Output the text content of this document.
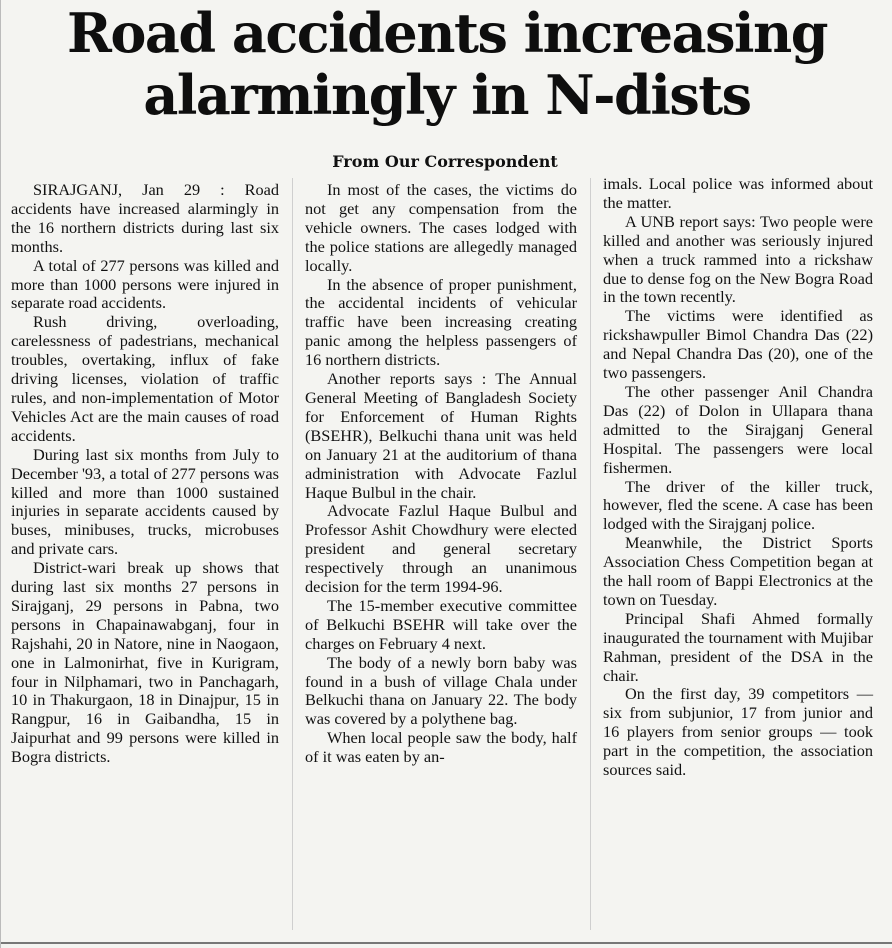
Road accidents increasing
alarmingly in N-dists
From Our Correspondent

SIRAJGANJ, Jan 29 : Road accidents have increased alarmingly in the 16 northern districts during last six months.

A total of 277 persons was killed and more than 1000 persons were injured in separate road accidents.

Rush driving, overloading, carelessness of padestrians, mechanical troubles, overtaking, influx of fake driving licenses, violation of traffic rules, and non-implementation of Motor Vehicles Act are the main causes of road accidents.

During last six months from July to December '93, a total of 277 persons was killed and more than 1000 sustained injuries in separate accidents caused by buses, minibuses, trucks, microbuses and private cars.

District-wari break up shows that during last six months 27 persons in Sirajganj, 29 persons in Pabna, two persons in Chapainawabganj, four in Rajshahi, 20 in Natore, nine in Naogaon, one in Lalmonirhat, five in Kurigram, four in Nilphamari, two in Panchagarh, 10 in Thakurgaon, 18 in Dinajpur, 15 in Rangpur, 16 in Gaibandha, 15 in Jaipurhat and 99 persons were killed in Bogra districts.

In most of the cases, the victims do not get any compensation from the vehicle owners. The cases lodged with the police stations are allegedly managed locally.

In the absence of proper punishment, the accidental incidents of vehicular traffic have been increasing creating panic among the helpless passengers of 16 northern districts.

Another reports says : The Annual General Meeting of Bangladesh Society for Enforcement of Human Rights (BSEHR), Belkuchi thana unit was held on January 21 at the auditorium of thana administration with Advocate Fazlul Haque Bulbul in the chair.

Advocate Fazlul Haque Bulbul and Professor Ashit Chowdhury were elected president and general secretary respectively through an unanimous decision for the term 1994-96.

The 15-member executive committee of Belkuchi BSEHR will take over the charges on February 4 next.

The body of a newly born baby was found in a bush of village Chala under Belkuchi thana on January 22. The body was covered by a polythene bag.

When local people saw the body, half of it was eaten by an-

imals. Local police was informed about the matter.

A UNB report says: Two people were killed and another was seriously injured when a truck rammed into a rickshaw due to dense fog on the New Bogra Road in the town recently.

The victims were identified as rickshawpuller Bimol Chandra Das (22) and Nepal Chandra Das (20), one of the two passengers.

The other passenger Anil Chandra Das (22) of Dolon in Ullapara thana admitted to the Sirajganj General Hospital. The passengers were local fishermen.

The driver of the killer truck, however, fled the scene. A case has been lodged with the Sirajganj police.

Meanwhile, the District Sports Association Chess Competition began at the hall room of Bappi Electronics at the town on Tuesday.

Principal Shafi Ahmed formally inaugurated the tournament with Mujibar Rahman, president of the DSA in the chair.

On the first day, 39 competitors — six from subjunior, 17 from junior and 16 players from senior groups — took part in the competition, the association sources said.
